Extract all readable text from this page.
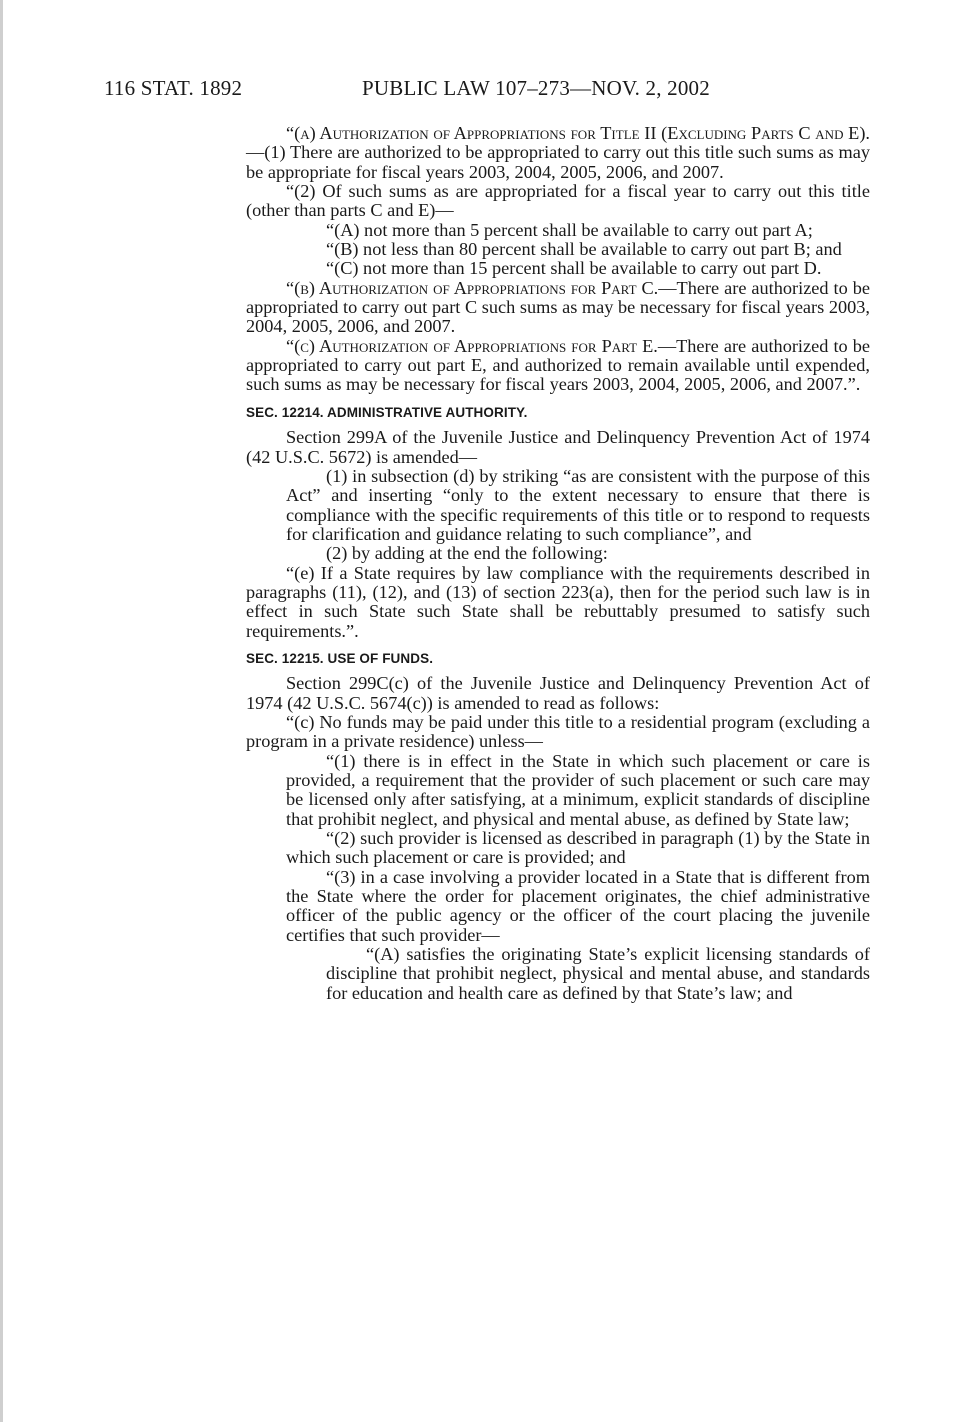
116 STAT. 1892	PUBLIC LAW 107–273—NOV. 2, 2002

“(a) Authorization of Appropriations for Title II (Excluding Parts C and E).—(1) There are authorized to be appropriated to carry out this title such sums as may be appropriate for fiscal years 2003, 2004, 2005, 2006, and 2007.

“(2) Of such sums as are appropriated for a fiscal year to carry out this title (other than parts C and E)—

“(A) not more than 5 percent shall be available to carry out part A;

“(B) not less than 80 percent shall be available to carry out part B; and

“(C) not more than 15 percent shall be available to carry out part D.

“(b) Authorization of Appropriations for Part C.—There are authorized to be appropriated to carry out part C such sums as may be necessary for fiscal years 2003, 2004, 2005, 2006, and 2007.

“(c) Authorization of Appropriations for Part E.—There are authorized to be appropriated to carry out part E, and authorized to remain available until expended, such sums as may be necessary for fiscal years 2003, 2004, 2005, 2006, and 2007.”.

SEC. 12214. ADMINISTRATIVE AUTHORITY.

Section 299A of the Juvenile Justice and Delinquency Prevention Act of 1974 (42 U.S.C. 5672) is amended—

(1) in subsection (d) by striking “as are consistent with the purpose of this Act” and inserting “only to the extent necessary to ensure that there is compliance with the specific requirements of this title or to respond to requests for clarification and guidance relating to such compliance”, and

(2) by adding at the end the following:

“(e) If a State requires by law compliance with the requirements described in paragraphs (11), (12), and (13) of section 223(a), then for the period such law is in effect in such State such State shall be rebuttably presumed to satisfy such requirements.”.

SEC. 12215. USE OF FUNDS.

Section 299C(c) of the Juvenile Justice and Delinquency Prevention Act of 1974 (42 U.S.C. 5674(c)) is amended to read as follows:

“(c) No funds may be paid under this title to a residential program (excluding a program in a private residence) unless—

“(1) there is in effect in the State in which such placement or care is provided, a requirement that the provider of such placement or such care may be licensed only after satisfying, at a minimum, explicit standards of discipline that prohibit neglect, and physical and mental abuse, as defined by State law;

“(2) such provider is licensed as described in paragraph (1) by the State in which such placement or care is provided; and

“(3) in a case involving a provider located in a State that is different from the State where the order for placement originates, the chief administrative officer of the public agency or the officer of the court placing the juvenile certifies that such provider—

“(A) satisfies the originating State’s explicit licensing standards of discipline that prohibit neglect, physical and mental abuse, and standards for education and health care as defined by that State’s law; and
